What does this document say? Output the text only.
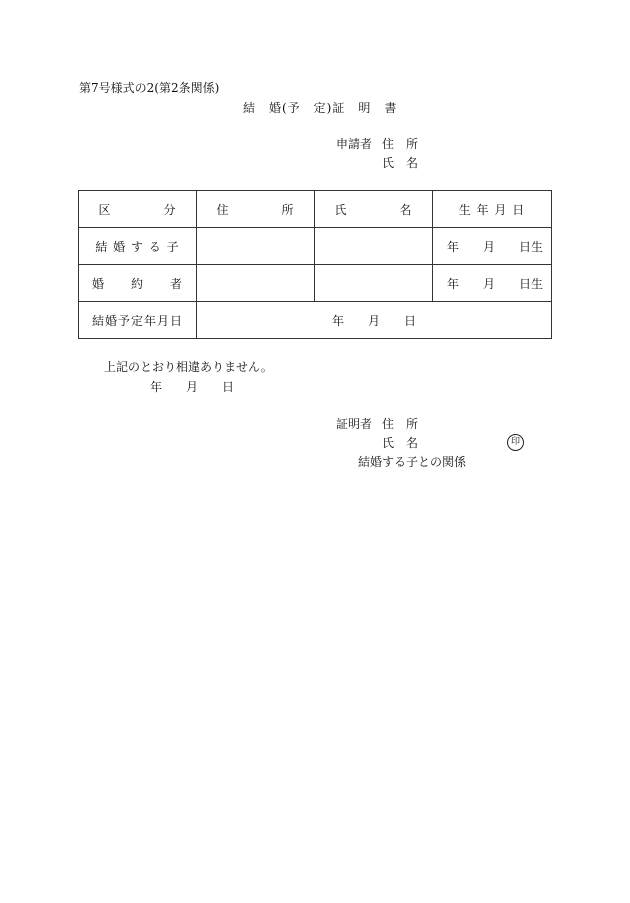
第7号様式の2(第2条関係)
結　婚(予　定)証　明　書
申請者 住　所
氏　名
区　　　　分	住　　　　所	氏　　　　名	生 年 月 日
結 婚 す る 子			年　　月　　日生
婚　　約　　者			年　　月　　日生
結婚予定年月日	年　　月　　日		
上記のとおり相違ありません。
年　　月　　日
証明者 住　所
氏　名	印
結婚する子との関係
